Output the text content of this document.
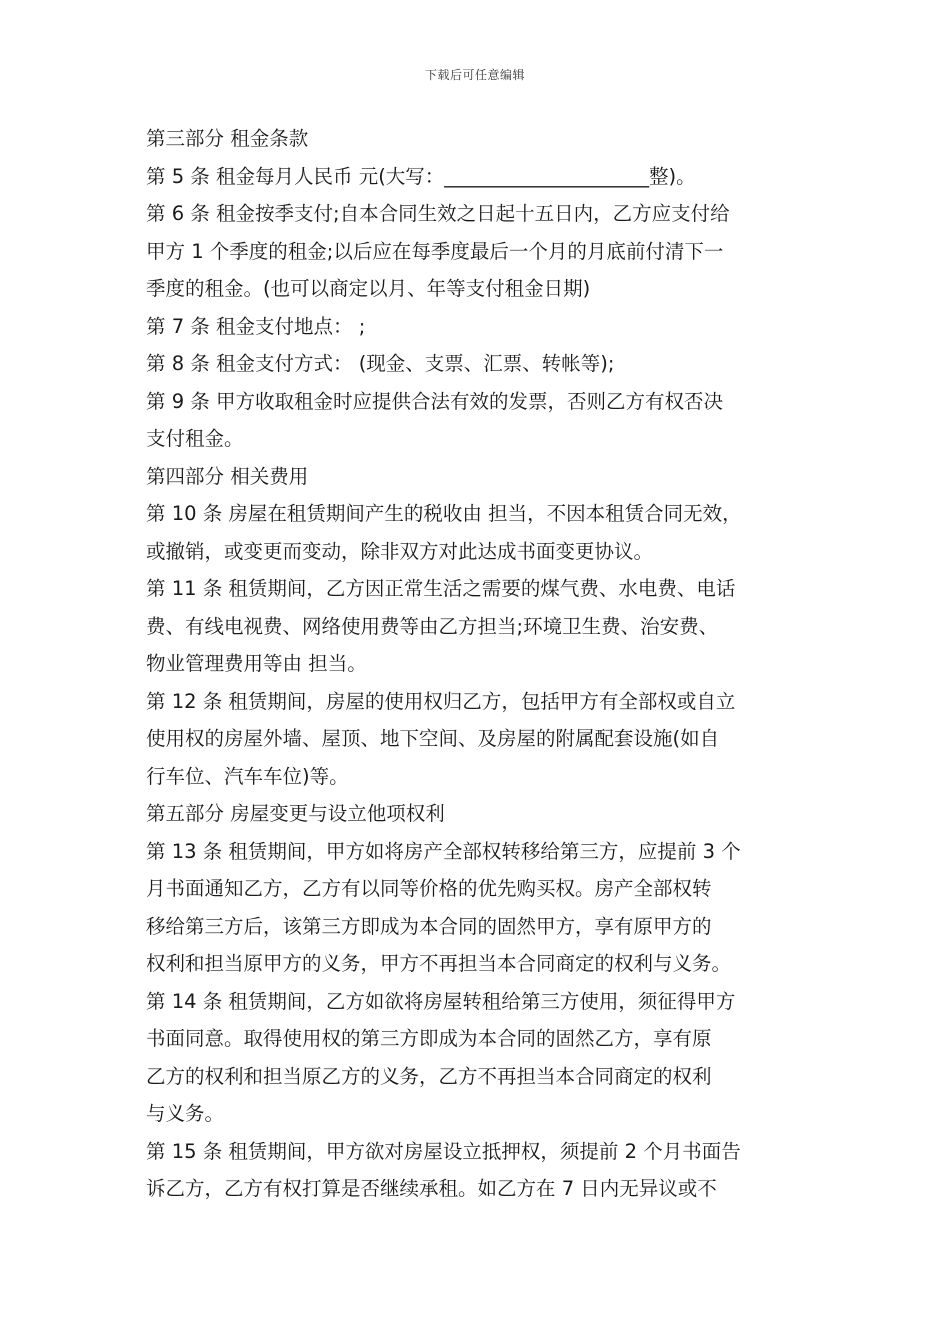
下载后可任意编辑
第三部分 租金条款
第 5 条 租金每月人民币 元(大写：_____________________整)。
第 6 条 租金按季支付;自本合同生效之日起十五日内，乙方应支付给
甲方 1 个季度的租金;以后应在每季度最后一个月的月底前付清下一
季度的租金。(也可以商定以月、年等支付租金日期)
第 7 条 租金支付地点： ;
第 8 条 租金支付方式： (现金、支票、汇票、转帐等);
第 9 条 甲方收取租金时应提供合法有效的发票，否则乙方有权否决
支付租金。
第四部分 相关费用
第 10 条 房屋在租赁期间产生的税收由 担当，不因本租赁合同无效，
或撤销，或变更而变动，除非双方对此达成书面变更协议。
第 11 条 租赁期间，乙方因正常生活之需要的煤气费、水电费、电话
费、有线电视费、网络使用费等由乙方担当;环境卫生费、治安费、
物业管理费用等由 担当。
第 12 条 租赁期间，房屋的使用权归乙方，包括甲方有全部权或自立
使用权的房屋外墙、屋顶、地下空间、及房屋的附属配套设施(如自
行车位、汽车车位)等。
第五部分 房屋变更与设立他项权利
第 13 条 租赁期间，甲方如将房产全部权转移给第三方，应提前 3 个
月书面通知乙方，乙方有以同等价格的优先购买权。房产全部权转
移给第三方后，该第三方即成为本合同的固然甲方，享有原甲方的
权利和担当原甲方的义务，甲方不再担当本合同商定的权利与义务。
第 14 条 租赁期间，乙方如欲将房屋转租给第三方使用，须征得甲方
书面同意。取得使用权的第三方即成为本合同的固然乙方，享有原
乙方的权利和担当原乙方的义务，乙方不再担当本合同商定的权利
与义务。
第 15 条 租赁期间，甲方欲对房屋设立抵押权，须提前 2 个月书面告
诉乙方，乙方有权打算是否继续承租。如乙方在 7 日内无异议或不
